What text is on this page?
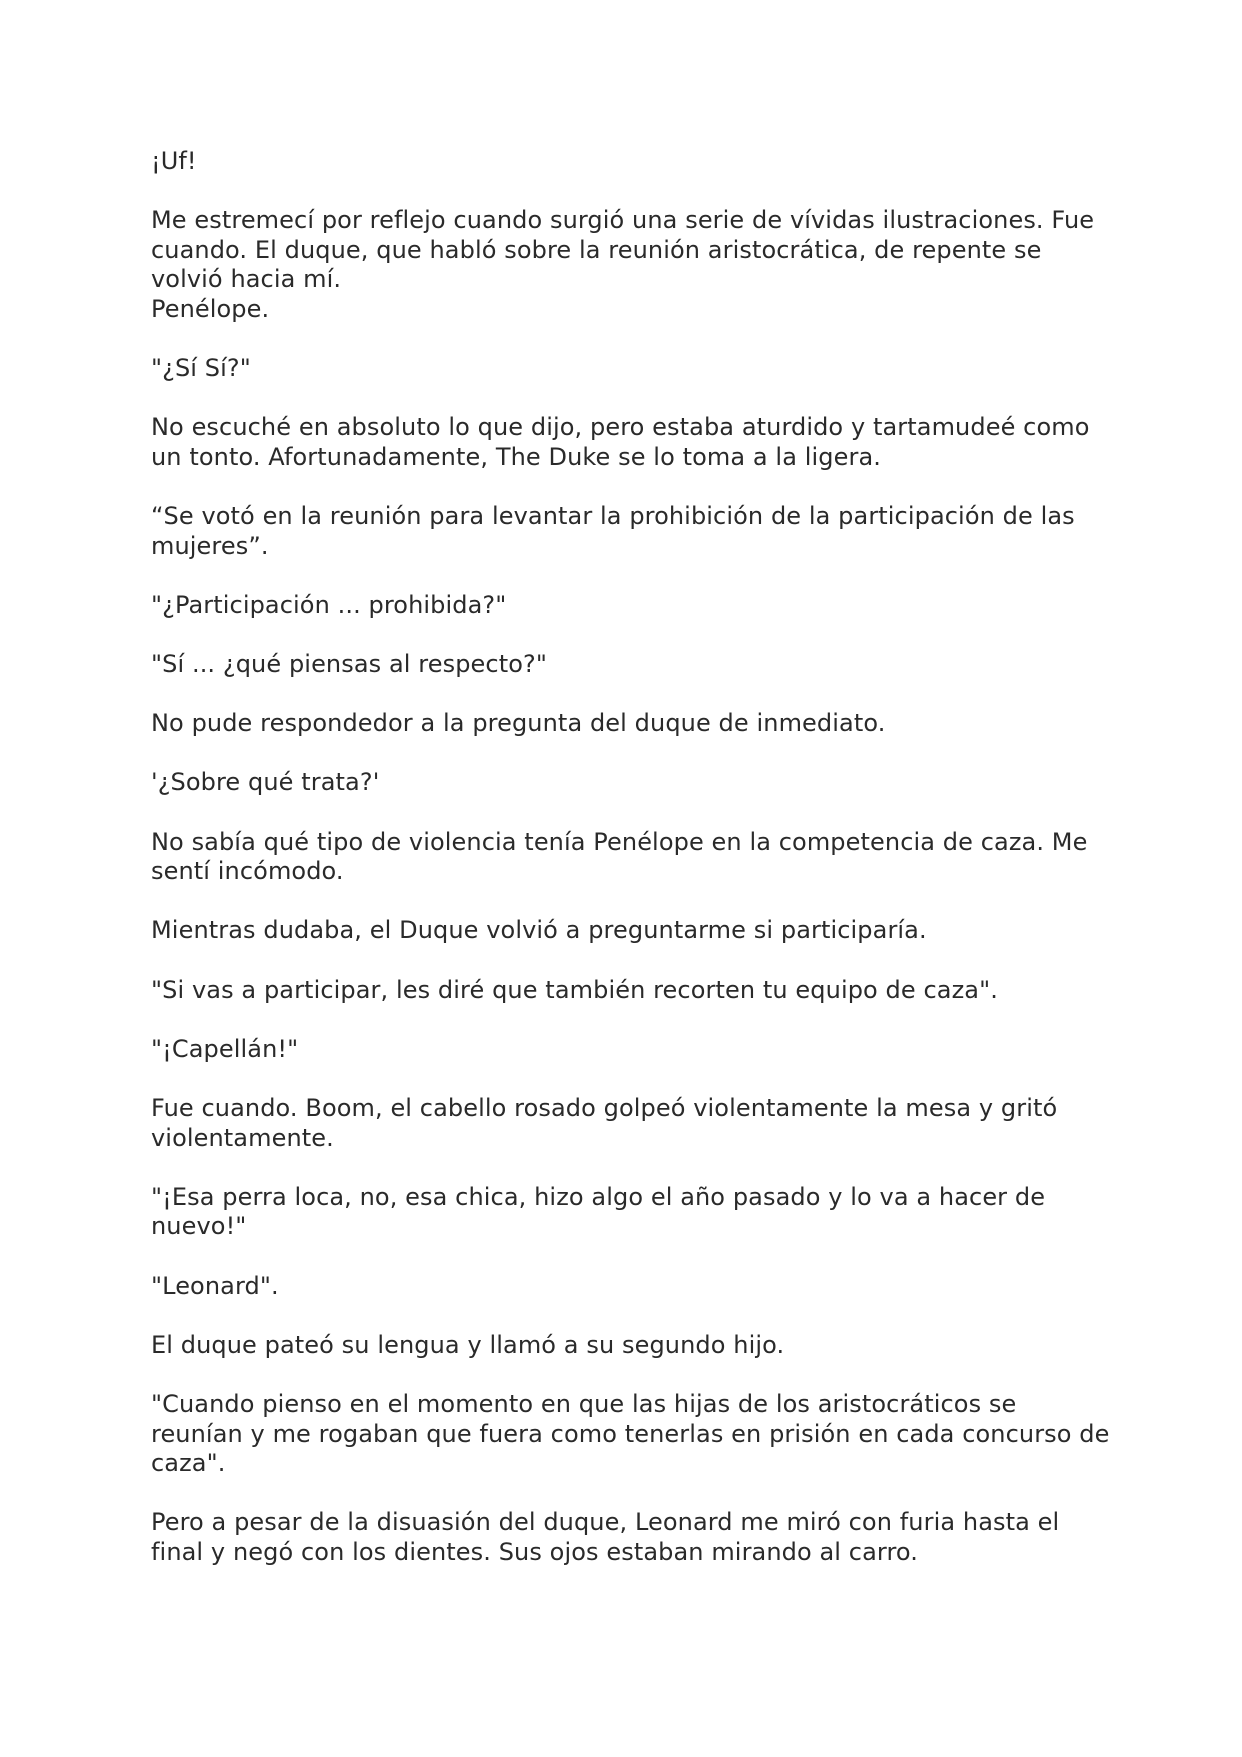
¡Uf!

Me estremecí por reflejo cuando surgió una serie de vívidas ilustraciones. Fue cuando. El duque, que habló sobre la reunión aristocrática, de repente se volvió hacia mí.

Penélope.

"¿Sí Sí?"

No escuché en absoluto lo que dijo, pero estaba aturdido y tartamudeé como un tonto. Afortunadamente, The Duke se lo toma a la ligera.

“Se votó en la reunión para levantar la prohibición de la participación de las mujeres”.

"¿Participación ... prohibida?"

"Sí ... ¿qué piensas al respecto?"

No pude respondedor a la pregunta del duque de inmediato.

'¿Sobre qué trata?'

No sabía qué tipo de violencia tenía Penélope en la competencia de caza. Me sentí incómodo.

Mientras dudaba, el Duque volvió a preguntarme si participaría.

"Si vas a participar, les diré que también recorten tu equipo de caza".

"¡Capellán!"

Fue cuando. Boom, el cabello rosado golpeó violentamente la mesa y gritó violentamente.

"¡Esa perra loca, no, esa chica, hizo algo el año pasado y lo va a hacer de nuevo!"

"Leonard".

El duque pateó su lengua y llamó a su segundo hijo.

"Cuando pienso en el momento en que las hijas de los aristocráticos se reunían y me rogaban que fuera como tenerlas en prisión en cada concurso de caza".

Pero a pesar de la disuasión del duque, Leonard me miró con furia hasta el final y negó con los dientes. Sus ojos estaban mirando al carro.
